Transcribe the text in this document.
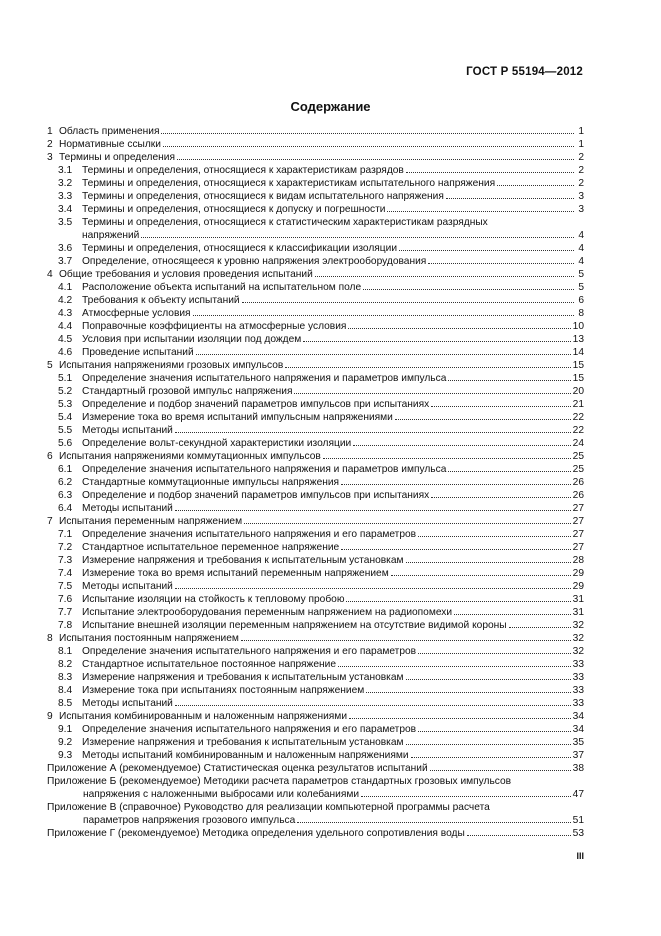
ГОСТ Р 55194—2012
Содержание
1 Область применения	1
2 Нормативные ссылки	1
3 Термины и определения	2
3.1 Термины и определения, относящиеся к характеристикам разрядов	2
3.2 Термины и определения, относящиеся к характеристикам испытательного напряжения	2
3.3 Термины и определения, относящиеся к видам испытательного напряжения	3
3.4 Термины и определения, относящиеся к допуску и погрешности	3
3.5 Термины и определения, относящиеся к статистическим характеристикам разрядных
напряжений	4
3.6 Термины и определения, относящиеся к классификации изоляции	4
3.7 Определение, относящееся к уровню напряжения электрооборудования	4
4 Общие требования и условия проведения испытаний	5
4.1 Расположение объекта испытаний на испытательном поле	5
4.2 Требования к объекту испытаний	6
4.3 Атмосферные условия	8
4.4 Поправочные коэффициенты на атмосферные условия	10
4.5 Условия при испытании изоляции под дождем	13
4.6 Проведение испытаний	14
5 Испытания напряжениями грозовых импульсов	15
5.1 Определение значения испытательного напряжения и параметров импульса	15
5.2 Стандартный грозовой импульс напряжения	20
5.3 Определение и подбор значений параметров импульсов при испытаниях	21
5.4 Измерение тока во время испытаний импульсным напряжениями	22
5.5 Методы испытаний	22
5.6 Определение вольт-секундной характеристики изоляции	24
6 Испытания напряжениями коммутационных импульсов	25
6.1 Определение значения испытательного напряжения и параметров импульса	25
6.2 Стандартные коммутационные импульсы напряжения	26
6.3 Определение и подбор значений параметров импульсов при испытаниях	26
6.4 Методы испытаний	27
7 Испытания переменным напряжением	27
7.1 Определение значения испытательного напряжения и его параметров	27
7.2 Стандартное испытательное переменное напряжение	27
7.3 Измерение напряжения и требования к испытательным установкам	28
7.4 Измерение тока во время испытаний переменным напряжением	29
7.5 Методы испытаний	29
7.6 Испытание изоляции на стойкость к тепловому пробою	31
7.7 Испытание электрооборудования переменным напряжением на радиопомехи	31
7.8 Испытание внешней изоляции переменным напряжением на отсутствие видимой короны	32
8 Испытания постоянным напряжением	32
8.1 Определение значения испытательного напряжения и его параметров	32
8.2 Стандартное испытательное постоянное напряжение	33
8.3 Измерение напряжения и требования к испытательным установкам	33
8.4 Измерение тока при испытаниях постоянным напряжением	33
8.5 Методы испытаний	33
9 Испытания комбинированным и наложенным напряжениями	34
9.1 Определение значения испытательного напряжения и его параметров	34
9.2 Измерение напряжения и требования к испытательным установкам	35
9.3 Методы испытаний комбинированным и наложенным напряжениями	37
Приложение А (рекомендуемое) Статистическая оценка результатов испытаний	38
Приложение Б (рекомендуемое) Методики расчета параметров стандартных грозовых импульсов
напряжения с наложенными выбросами или колебаниями	47
Приложение В (справочное) Руководство для реализации компьютерной программы расчета
параметров напряжения грозового импульса	51
Приложение Г (рекомендуемое) Методика определения удельного сопротивления воды	53
III
